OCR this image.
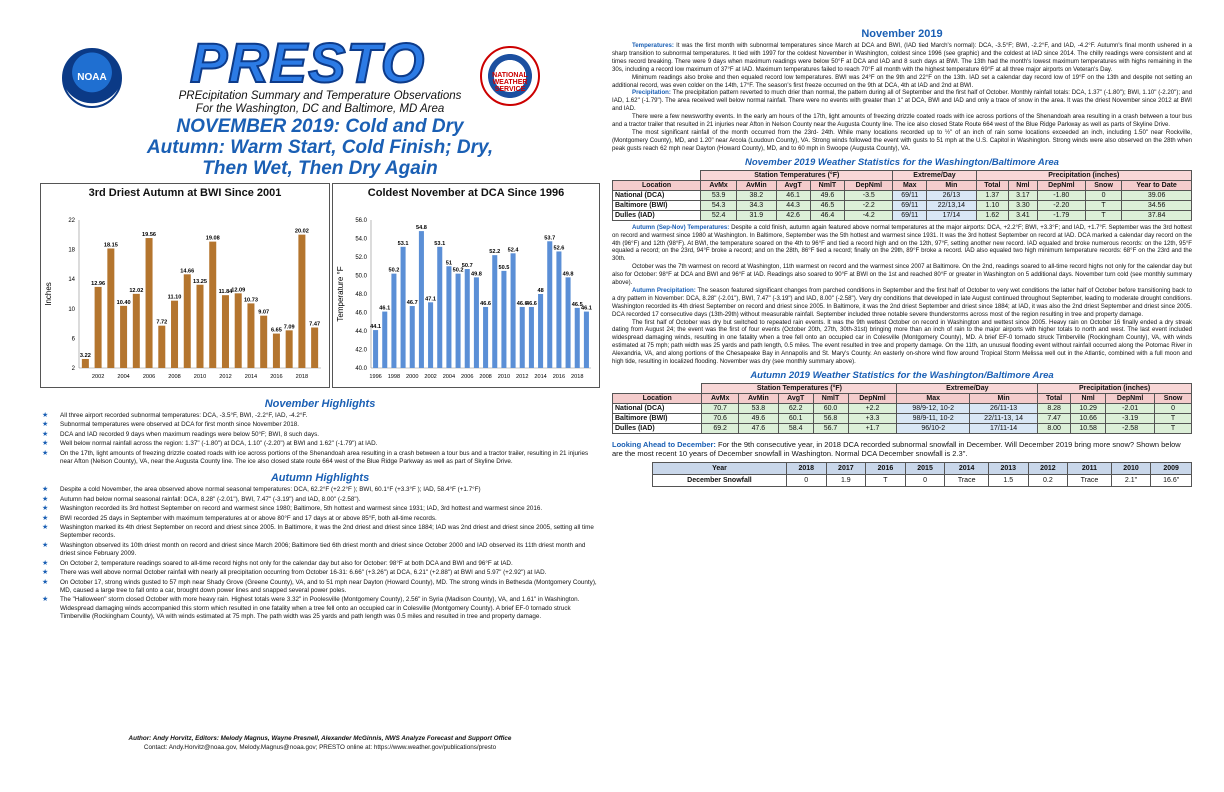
NOAA PRESTO	NATIONAL WEATHER SERVICE
PREcipitation Summary and Temperature Observations
For the Washington, DC and Baltimore, MD Area
NOVEMBER 2019: Cold and Dry Autumn: Warm Start, Cold Finish; Dry, Then Wet, Then Dry Again
3rd Driest Autumn at BWI Since 2001
2
6
10
14
18
22
Inches
3.22
12.96
18.15
10.40
12.02
19.56
7.72
11.10
14.66
13.25
19.08
11.84
12.09
10.73
9.07
6.65
7.09
20.02
7.47
2002 2004 2006 2008 2010 2012 2014 2016 2018
Coldest November at DCA Since 1996
40.0
42.0
44.0
46.0
48.0
50.0
52.0
54.0
56.0
Temperature °F
44.1
46.1
50.2
53.1
46.7
54.8
47.1
53.1
51
50.2
50.7
49.8
46.6
52.2
50.5
52.4
46.6
46.6
48
53.7
52.6
49.8
46.5
46.1
1996 1998 2000 2002 2004 2006 2008 2010 2012 2014 2016 2018
November Highlights
★ All three airport recorded subnormal temperatures: DCA, -3.5°F, BWI, -2.2°F, IAD, -4.2°F.
★ Subnormal temperatures were observed at DCA for first month since November 2018.
★ DCA and IAD recorded 9 days when maximum readings were below 50°F; BWI, 8 such days.
★ Well below normal rainfall across the region: 1.37" (-1.80") at DCA, 1.10" (-2.20") at BWI and 1.62" (-1.79") at IAD.
★ On the 17th, light amounts of freezing drizzle coated roads with ice across portions of the Shenandoah area resulting in a crash between a tour bus and a tractor trailer, resulting in 21 injuries near Afton (Nelson County), VA, near the Augusta County line. The ice also closed state route 664 west of the Blue Ridge Parkway as well as part of Skyline Drive.
Autumn Highlights
★ Despite a cold November, the area observed above normal seasonal temperatures: DCA, 62.2°F (+2.2°F ); BWI, 60.1°F (+3.3°F ); IAD, 58.4°F (+1.7°F)
★ Autumn had below normal seasonal rainfall: DCA, 8.28" (-2.01"), BWI, 7.47" (-3.19") and IAD, 8.00" (-2.58").
★ Washington recorded its 3rd hottest September on record and warmest since 1980; Baltimore, 5th hottest and warmest since 1931; IAD, 3rd hottest and warmest since 2016.
★ BWI recorded 25 days in September with maximum temperatures at or above 80°F and 17 days at or above 85°F, both all-time records.
★ Washington marked its 4th driest September on record and driest since 2005. In Baltimore, it was the 2nd driest and driest since 1884; IAD was 2nd driest and driest since 2005, setting all time September records.
★ Washington observed its 10th driest month on record and driest since March 2006; Baltimore tied 6th driest month and driest since October 2000 and IAD observed its 11th driest month and driest since February 2009.
★ On October 2, temperature readings soared to all-time record highs not only for the calendar day but also for October: 98°F at both DCA and BWI and 96°F at IAD.
★ There was well above normal October rainfall with nearly all precipitation occurring from October 16-31: 6.66" (+3.26") at DCA, 6.21" (+2.88") at BWI and 5.97" (+2.92") at IAD.
★ On October 17, strong winds gusted to 57 mph near Shady Grove (Greene County), VA, and to 51 mph near Dayton (Howard County), MD. The strong winds in Bethesda (Montgomery County), MD, caused a large tree to fall onto a car, brought down power lines and snapped several power poles.
★ The "Halloween" storm closed October with more heavy rain. Highest totals were 3.32" in Poolesville (Montgomery County), 2.56" in Syria (Madison County), VA, and 1.61" in Washington. Widespread damaging winds accompanied this storm which resulted in one fatality when a tree fell onto an occupied car in Colesville (Montgomery County). A brief EF-0 tornado struck Timberville (Rockingham County), VA with winds estimated at 75 mph. The path width was 25 yards and path length was 0.5 miles and resulted in tree and property damage.
Author: Andy Horvitz, Editors: Melody Magnus, Wayne Presnell, Alexander McGinnis, NWS Analyze Forecast and Support Office
Contact: Andy.Horvitz@noaa.gov, Melody.Magnus@noaa.gov; PRESTO online at: https://www.weather.gov/publications/presto
November 2019

Temperatures: It was the first month with subnormal temperatures since March at DCA and BWI, (IAD tied March's normal): DCA, -3.5°F; BWI, -2.2°F, and IAD, -4.2°F. Autumn's final month ushered in a sharp transition to subnormal temperatures. It tied with 1997 for the coldest November in Washington, coldest since 1996 (see graphic) and the coldest at IAD since 2014. The chilly readings were consistent and at times record breaking. There were 9 days when maximum readings were below 50°F at DCA and IAD and 8 such days at BWI. The 13th had the month's lowest maximum temperatures with highs remaining in the 30s, including a record low maximum of 37°F at IAD. Maximum temperatures failed to reach 70°F all month with the highest temperature 69°F at all three major airports on Veteran's Day.

Minimum readings also broke and then equaled record low temperatures. BWI was 24°F on the 9th and 22°F on the 13th. IAD set a calendar day record low of 19°F on the 13th and despite not setting an additional record, was even colder on the 14th, 17°F. The season's first freeze occurred on the 9th at DCA, 4th at IAD and 2nd at BWI.

Precipitation: The precipitation pattern reverted to much drier than normal, the pattern during all of September and the first half of October. Monthly rainfall totals: DCA, 1.37" (-1.80"); BWI, 1.10" (-2.20"); and IAD, 1.62" (-1.79"). The area received well below normal rainfall. There were no events with greater than 1" at DCA, BWI and IAD and only a trace of snow in the area. It was the driest November since 2012 at BWI and IAD.

There were a few newsworthy events. In the early am hours of the 17th, light amounts of freezing drizzle coated roads with ice across portions of the Shenandoah area resulting in a crash between a tour bus and a tractor trailer that resulted in 21 injuries near Afton in Nelson County near the Augusta County line. The ice also closed State Route 664 west of the Blue Ridge Parkway as well as parts of Skyline Drive.

The most significant rainfall of the month occurred from the 23rd- 24th. While many locations recorded up to ½" of an inch of rain some locations exceeded an inch, including 1.50" near Rockville, (Montgomery County), MD, and 1.20" near Arcola (Loudoun County), VA. Strong winds followed the event with gusts to 51 mph at the U.S. Capitol in Washington. Strong winds were also observed on the 28th when peak gusts reach 62 mph near Dayton (Howard County), MD, and to 60 mph in Swoope (Augusta County), VA.

November 2019 Weather Statistics for the Washington/Baltimore Area
	Station Temperatures (°F)					Extreme/Day		Precipitation (inches)				
Location	AvMx	AvMin	AvgT	NmlT	DepNml	Max	Min	Total	Nml	DepNml	Snow	Year to Date
National (DCA)	53.9	38.2	46.1	49.6	-3.5	69/11	26/13	1.37	3.17	-1.80	0	39.06
Baltimore (BWI)	54.3	34.3	44.3	46.5	-2.2	69/11	22/13,14	1.10	3.30	-2.20	T	34.56
Dulles (IAD)	52.4	31.9	42.6	46.4	-4.2	69/11	17/14	1.62	3.41	-1.79	T	37.84

Autumn (Sep-Nov) Temperatures: Despite a cold finish, autumn again featured above normal temperatures at the major airports: DCA, +2.2°F; BWI, +3.3°F; and IAD, +1.7°F. September was the 3rd hottest on record and warmest since 1980 at Washington. In Baltimore, September was the 5th hottest and warmest since 1931. It was the 3rd hottest September on record at IAD. DCA marked a calendar day record on the 4th (96°F) and 12th (98°F). At BWI, the temperature soared on the 4th to 96°F and tied a record high and on the 12th, 97°F, setting another new record. IAD equaled and broke numerous records: on the 12th, 95°F equaled a record; on the 23rd, 94°F broke a record; and on the 28th, 86°F tied a record; finally on the 29th, 89°F broke a record. IAD also equaled two high minimum temperature records: 68°F on the 23rd and the 30th.

October was the 7th warmest on record at Washington, 11th warmest on record and the warmest since 2007 at Baltimore. On the 2nd, readings soared to all-time record highs not only for the calendar day but also for October: 98°F at DCA and BWI and 96°F at IAD. Readings also soared to 90°F at BWI on the 1st and reached 80°F or greater in Washington on 5 additional days. November turn cold (see monthly summary above).

Autumn Precipitation: The season featured significant changes from parched conditions in September and the first half of October to very wet conditions the latter half of October before transitioning back to a dry pattern in November: DCA, 8.28" (-2.01"), BWI, 7.47" (-3.19") and IAD, 8.00" (-2.58"). Very dry conditions that developed in late August continued throughout September, leading to moderate drought conditions. Washington recorded its 4th driest September on record and driest since 2005. In Baltimore, it was the 2nd driest September and driest since 1884; at IAD, it was also the 2nd driest September and driest since 2005. DCA recorded 17 consecutive days (13th-29th) without measurable rainfall. September included three notable severe thunderstorms across most of the region resulting in tree and property damage.

The first half of October was dry but switched to repeated rain events. It was the 9th wettest October on record in Washington and wettest since 2005. Heavy rain on October 16 finally ended a dry streak dating from August 24; the event was the first of four events (October 20th, 27th, 30th-31st) bringing more than an inch of rain to the major airports with higher totals to north and west. The last event included widespread damaging winds, resulting in one fatality when a tree fell onto an occupied car in Colesville (Montgomery County), MD. A brief EF-0 tornado struck Timberville (Rockingham County), VA, with winds estimated at 75 mph; path width was 25 yards and path length, 0.5 miles. The event resulted in tree and property damage. On the 11th, an unusual flooding event without rainfall occurred along the Potomac River in Alexandria, VA, and along portions of the Chesapeake Bay in Annapolis and St. Mary's County. An easterly on-shore wind flow around Tropical Storm Melissa well out in the Atlantic, combined with a full moon and high tide, resulting in localized flooding. November was dry (see monthly summary above).

Autumn 2019 Weather Statistics for the Washington/Baltimore Area
	Station Temperatures (°F)					Extreme/Day		Precipitation (inches)			
Location	AvMx	AvMin	AvgT	NmlT	DepNml	Max	Min	Total	Nml	DepNml	Snow
National (DCA)	70.7	53.8	62.2	60.0	+2.2	98/9-12, 10-2	26/11-13	8.28	10.29	-2.01	0
Baltimore (BWI)	70.6	49.6	60.1	56.8	+3.3	98/9-11, 10-2	22/11-13, 14	7.47	10.66	-3.19	T
Dulles (IAD)	69.2	47.6	58.4	56.7	+1.7	96/10-2	17/11-14	8.00	10.58	-2.58	T
Looking Ahead to December: For the 9th consecutive year, in 2018 DCA recorded subnormal snowfall in December. Will December 2019 bring more snow? Shown below are the most recent 10 years of December snowfall in Washington. Normal DCA December snowfall is 2.3".
Year	2018	2017	2016	2015	2014	2013	2012	2011	2010	2009
December Snowfall	0	1.9	T	0	Trace	1.5	0.2	Trace	2.1"	16.6"
